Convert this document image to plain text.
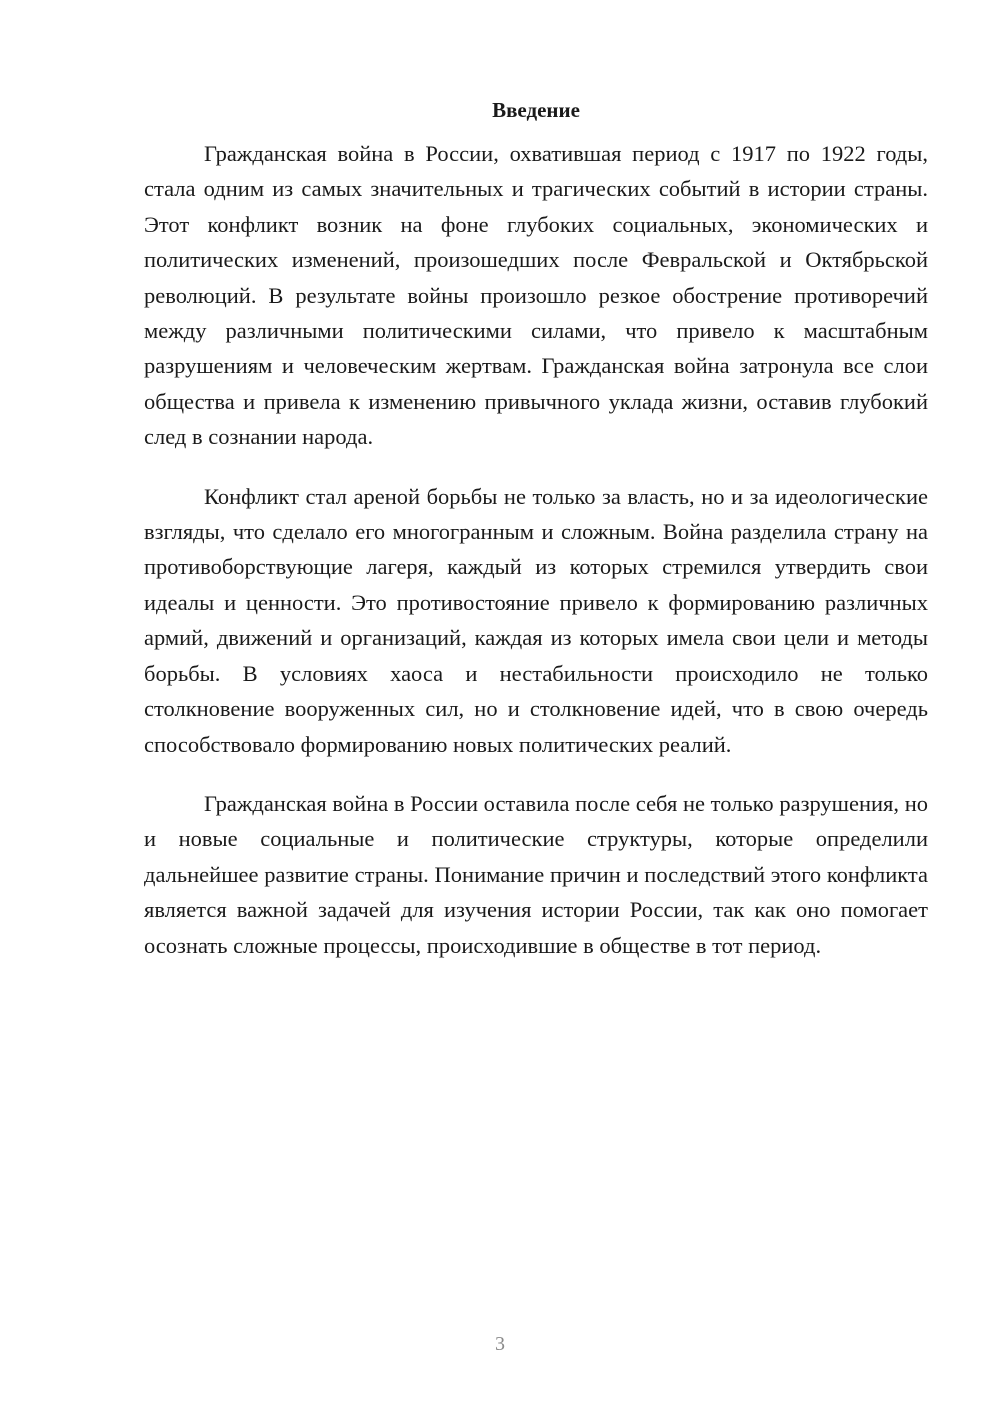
Введение

Гражданская война в России, охватившая период с 1917 по 1922 годы, стала одним из самых значительных и трагических событий в истории страны. Этот конфликт возник на фоне глубоких социальных, экономических и политических изменений, произошедших после Февральской и Октябрьской революций. В результате войны произошло резкое обострение противоречий между различными политическими силами, что привело к масштабным разрушениям и человеческим жертвам. Гражданская война затронула все слои общества и привела к изменению привычного уклада жизни, оставив глубокий след в сознании народа.

Конфликт стал ареной борьбы не только за власть, но и за идеологические взгляды, что сделало его многогранным и сложным. Война разделила страну на противоборствующие лагеря, каждый из которых стремился утвердить свои идеалы и ценности. Это противостояние привело к формированию различных армий, движений и организаций, каждая из которых имела свои цели и методы борьбы. В условиях хаоса и нестабильности происходило не только столкновение вооруженных сил, но и столкновение идей, что в свою очередь способствовало формированию новых политических реалий.

Гражданская война в России оставила после себя не только разрушения, но и новые социальные и политические структуры, которые определили дальнейшее развитие страны. Понимание причин и последствий этого конфликта является важной задачей для изучения истории России, так как оно помогает осознать сложные процессы, происходившие в обществе в тот период.

3
